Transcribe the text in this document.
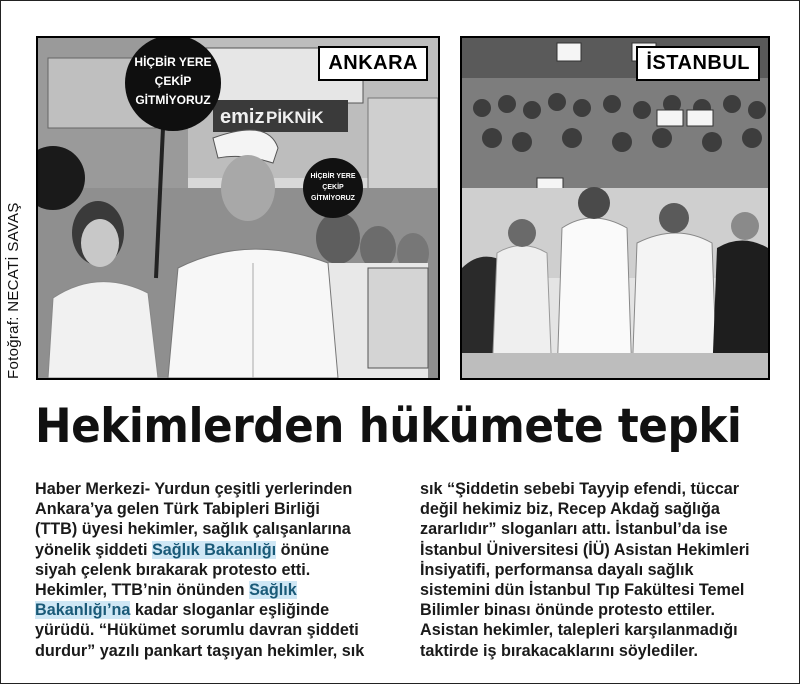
emiz PİKNİK
HİÇBİR YERE
ÇEKİP
GİTMİYORUZ
HİÇBİR YERE
ÇEKİP
GİTMİYORUZ
ANKARA	İSTANBUL
Fotoğraf: NECATİ SAVAŞ
Hekimlerden hükümete tepki

Haber Merkezi- Yurdun çeşitli yerlerinden

Ankara’ya gelen Türk Tabipleri Birliği

(TTB) üyesi hekimler, sağlık çalışanlarına

yönelik şiddeti Sağlık Bakanlığı önüne

siyah çelenk bırakarak protesto etti.

Hekimler, TTB’nin önünden Sağlık

Bakanlığı’na kadar sloganlar eşliğinde

yürüdü. “Hükümet sorumlu davran şiddeti

durdur” yazılı pankart taşıyan hekimler, sık

sık “Şiddetin sebebi Tayyip efendi, tüccar

değil hekimiz biz, Recep Akdağ sağlığa

zararlıdır” sloganları attı. İstanbul’da ise

İstanbul Üniversitesi (İÜ) Asistan Hekimleri

İnsiyatifi, performansa dayalı sağlık

sistemini dün İstanbul Tıp Fakültesi Temel

Bilimler binası önünde protesto ettiler.

Asistan hekimler, talepleri karşılanmadığı

taktirde iş bırakacaklarını söylediler.
